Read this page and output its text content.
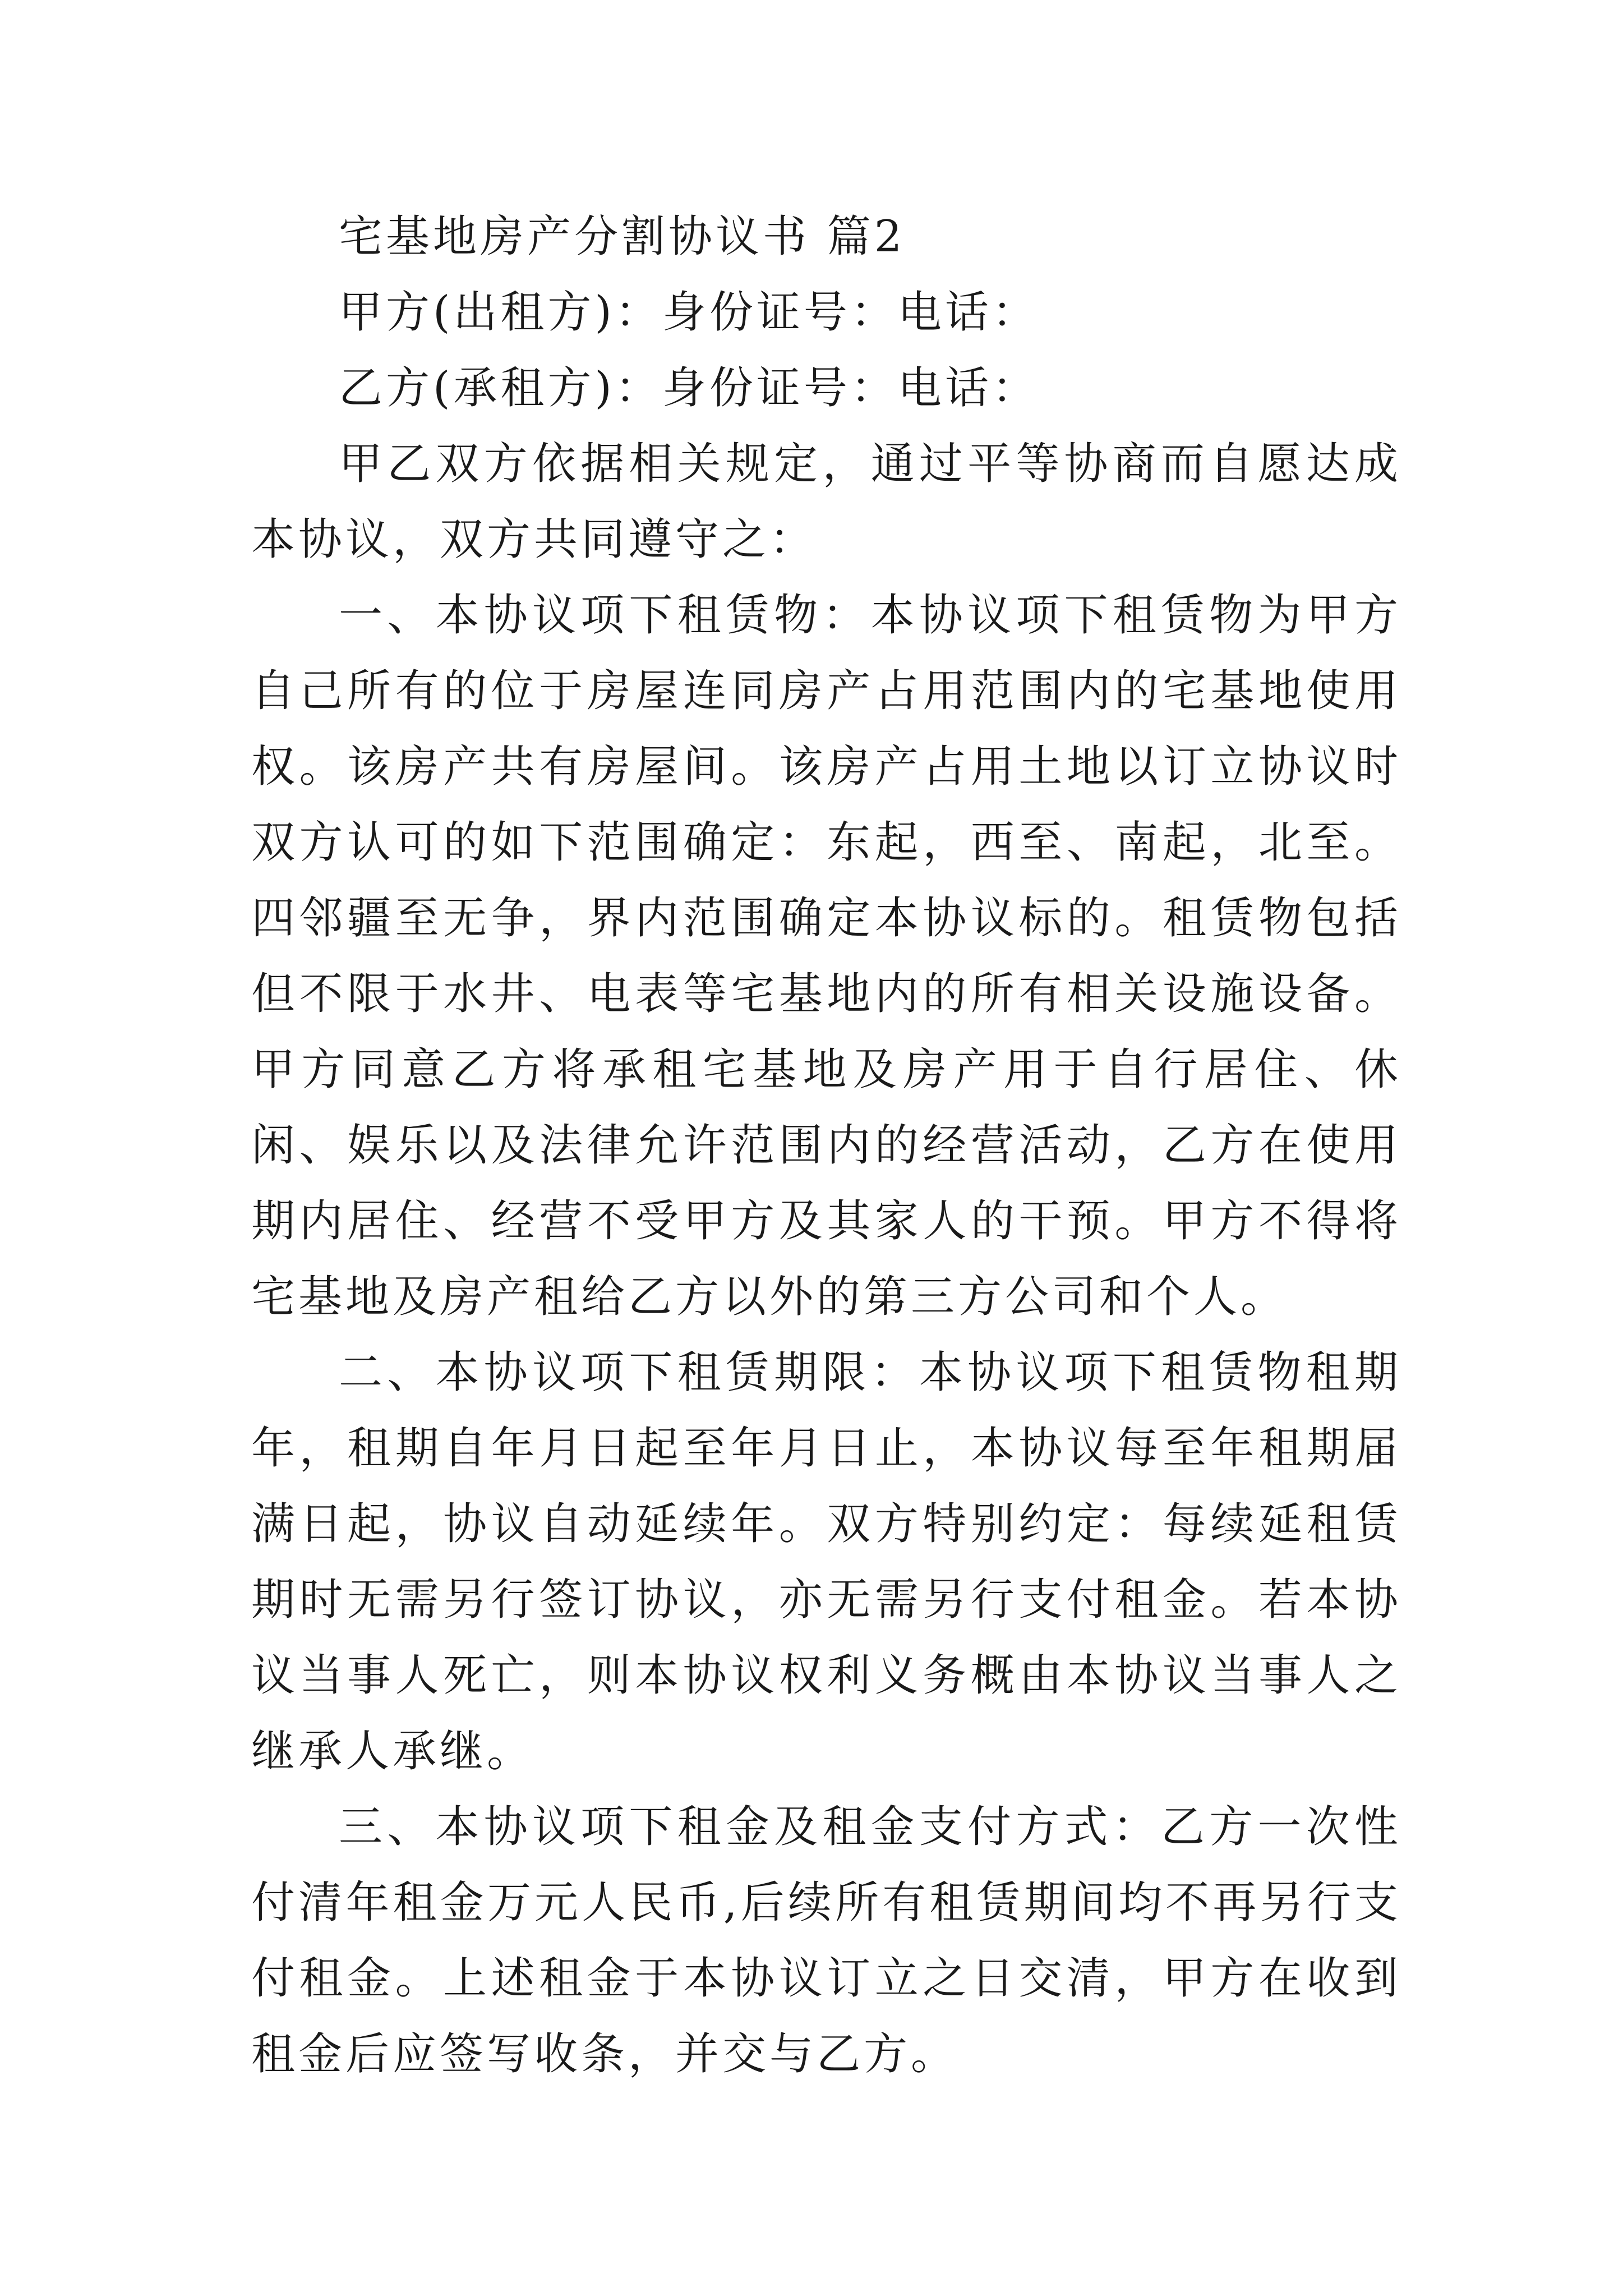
宅基地房产分割协议书 篇2

甲方(出租方)：身份证号：电话：

乙方(承租方)：身份证号：电话：

甲乙双方依据相关规定，通过平等协商而自愿达成本协议，双方共同遵守之：

一、本协议项下租赁物：本协议项下租赁物为甲方自己所有的位于房屋连同房产占用范围内的宅基地使用权。该房产共有房屋间。该房产占用土地以订立协议时双方认可的如下范围确定：东起，西至、南起，北至。四邻疆至无争，界内范围确定本协议标的。租赁物包括但不限于水井、电表等宅基地内的所有相关设施设备。甲方同意乙方将承租宅基地及房产用于自行居住、休闲、娱乐以及法律允许范围内的经营活动，乙方在使用期内居住、经营不受甲方及其家人的干预。甲方不得将宅基地及房产租给乙方以外的第三方公司和个人。

二、本协议项下租赁期限：本协议项下租赁物租期年，租期自年月日起至年月日止，本协议每至年租期届满日起，协议自动延续年。双方特别约定：每续延租赁期时无需另行签订协议，亦无需另行支付租金。若本协议当事人死亡，则本协议权利义务概由本协议当事人之继承人承继。

三、本协议项下租金及租金支付方式：乙方一次性付清年租金万元人民币,后续所有租赁期间均不再另行支付租金。上述租金于本协议订立之日交清，甲方在收到租金后应签写收条，并交与乙方。
